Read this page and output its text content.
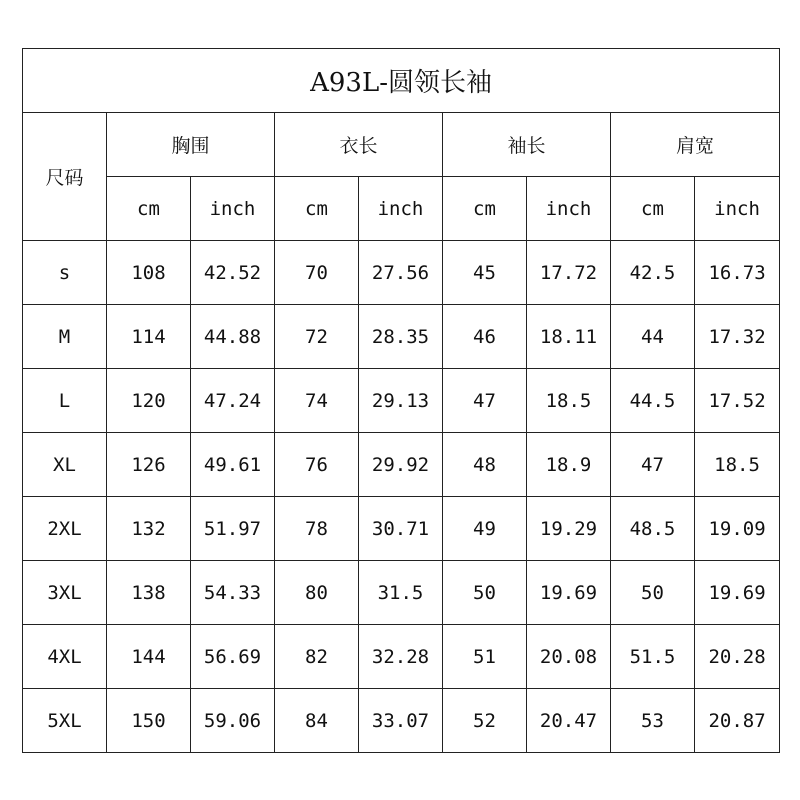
A93L-圆领长袖								
尺码	胸围		衣长		袖长		肩宽	
	cm	inch	cm	inch	cm	inch	cm	inch
s	108	42.52	70	27.56	45	17.72	42.5	16.73
M	114	44.88	72	28.35	46	18.11	44	17.32
L	120	47.24	74	29.13	47	18.5	44.5	17.52
XL	126	49.61	76	29.92	48	18.9	47	18.5
2XL	132	51.97	78	30.71	49	19.29	48.5	19.09
3XL	138	54.33	80	31.5	50	19.69	50	19.69
4XL	144	56.69	82	32.28	51	20.08	51.5	20.28
5XL	150	59.06	84	33.07	52	20.47	53	20.87
